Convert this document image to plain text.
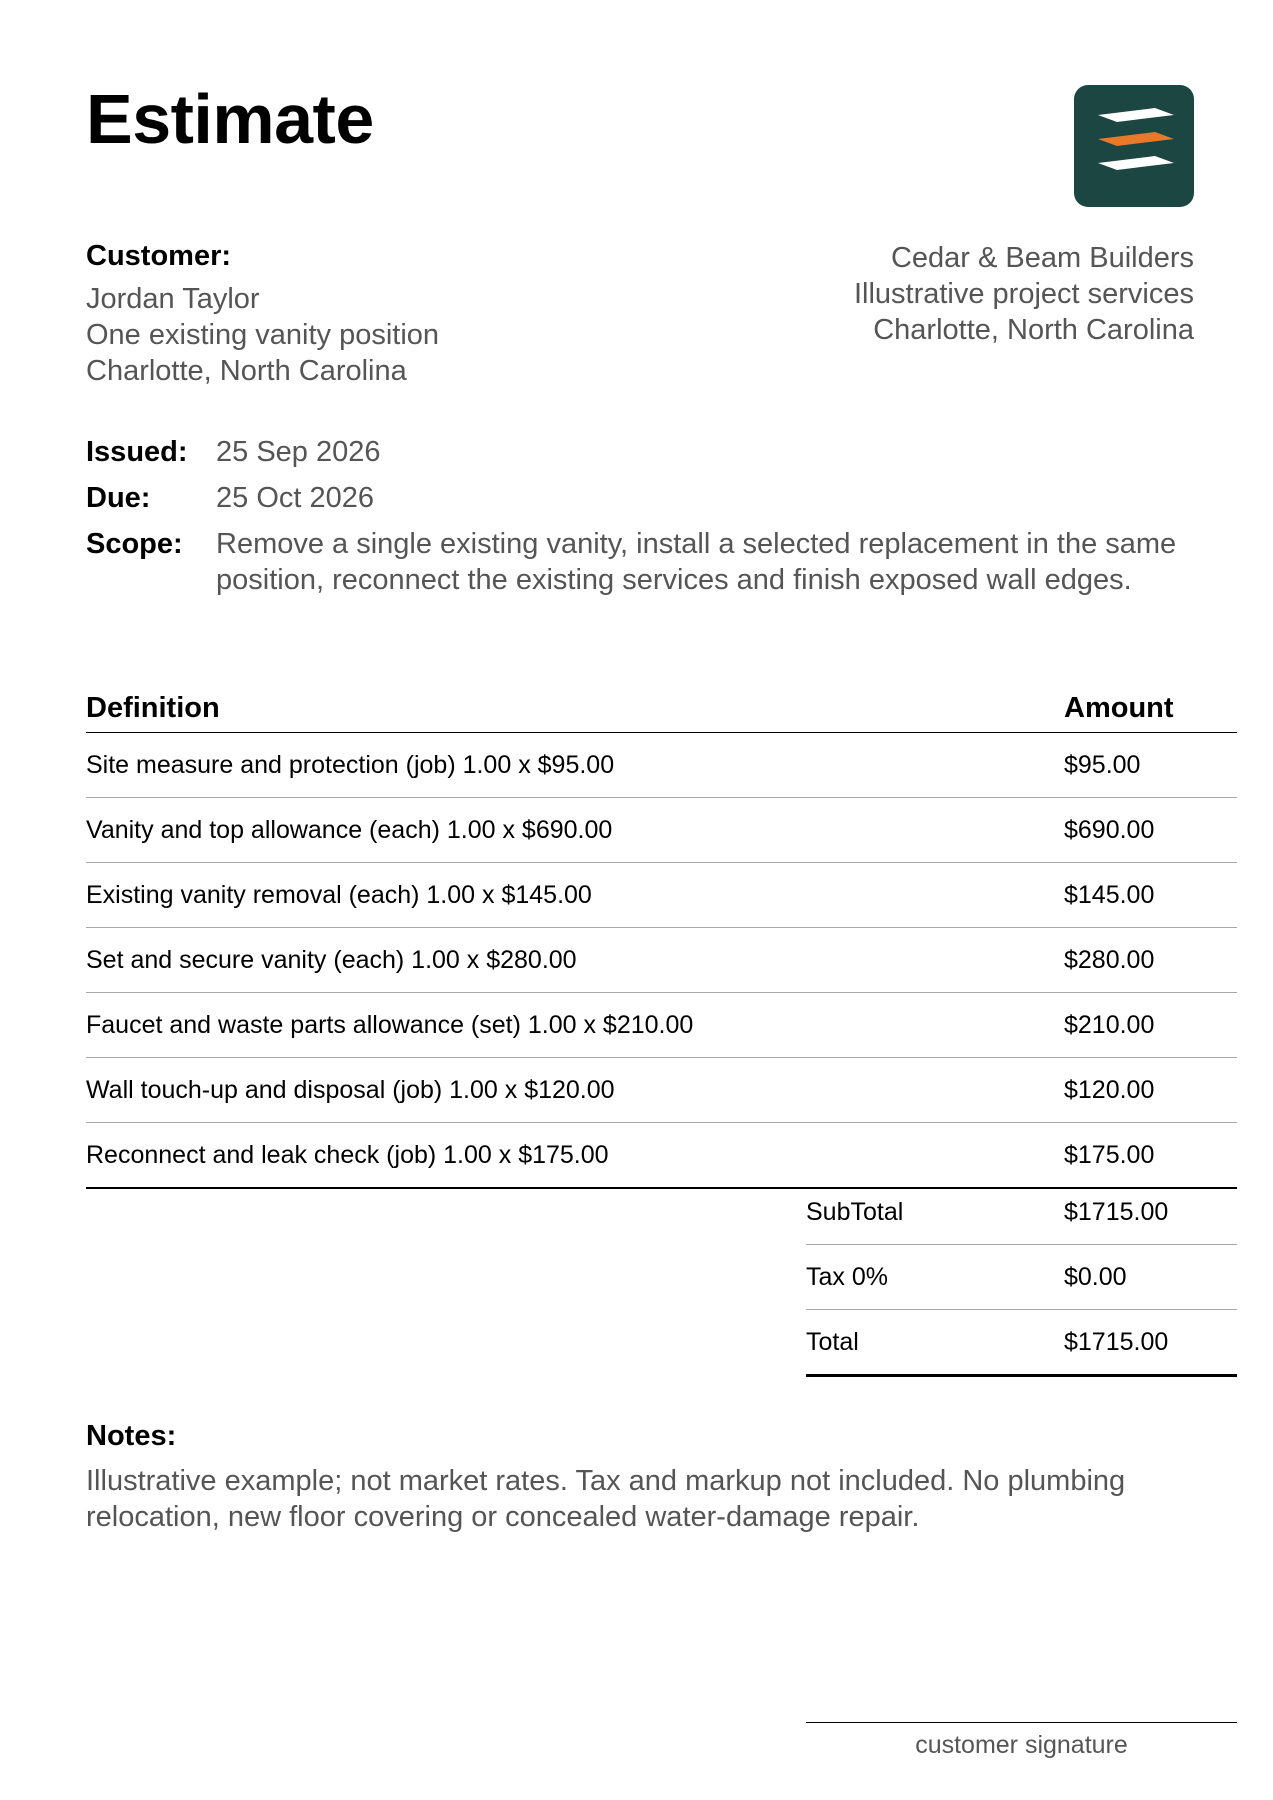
Estimate
Customer:
Jordan Taylor
One existing vanity position
Charlotte, North Carolina
Cedar & Beam Builders
Illustrative project services
Charlotte, North Carolina
Issued: 25 Sep 2026
Due:	25 Oct 2026
Scope:	Remove a single existing vanity, install a selected replacement in the same position, reconnect the existing services and finish exposed wall edges.
Definition	Amount
Site measure and protection (job) 1.00 x $95.00	$95.00
Vanity and top allowance (each) 1.00 x $690.00	$690.00
Existing vanity removal (each) 1.00 x $145.00	$145.00
Set and secure vanity (each) 1.00 x $280.00	$280.00
Faucet and waste parts allowance (set) 1.00 x $210.00	$210.00
Wall touch-up and disposal (job) 1.00 x $120.00	$120.00
Reconnect and leak check (job) 1.00 x $175.00	$175.00
SubTotal	$1715.00
Tax 0%	$0.00
Total	$1715.00
Notes:
Illustrative example; not market rates. Tax and markup not included. No plumbing relocation, new floor covering or concealed water-damage repair.
customer signature
